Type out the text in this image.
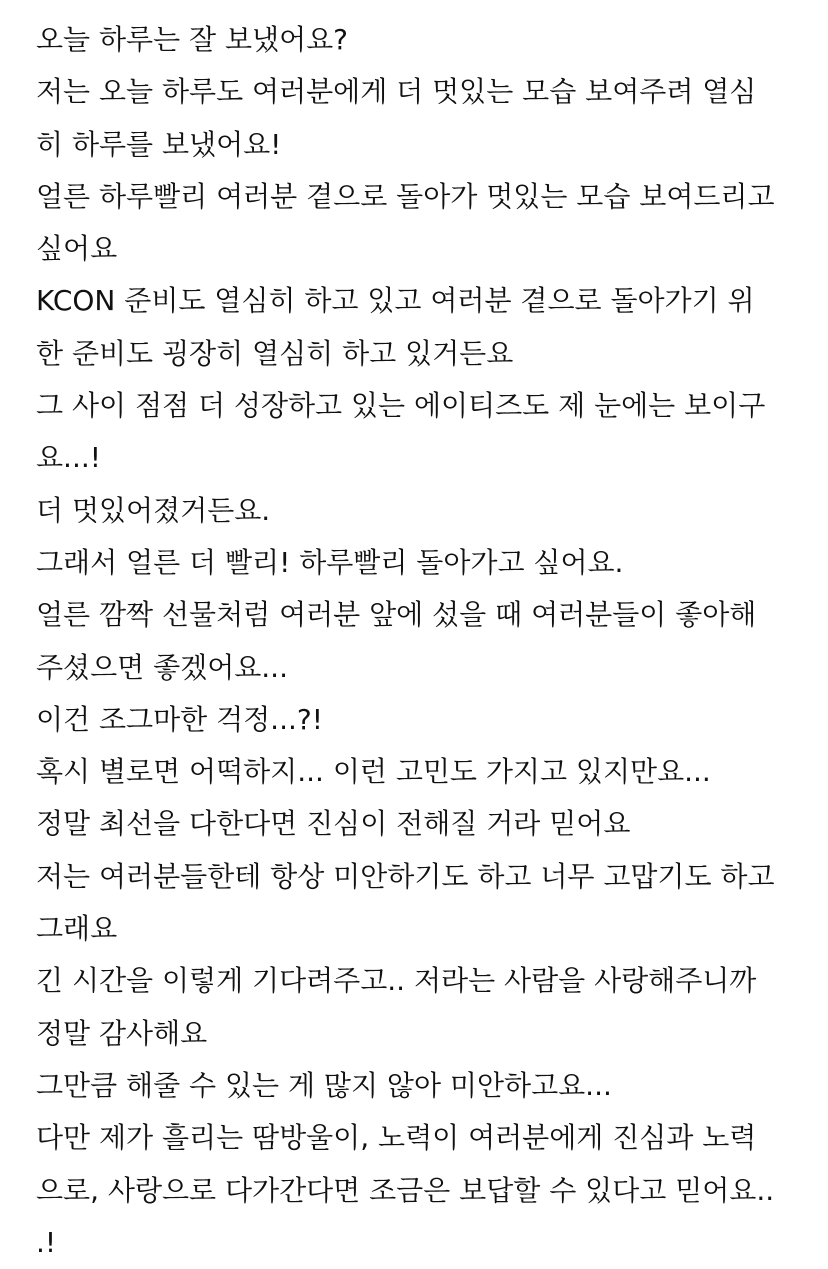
오늘 하루는 잘 보냈어요?
저는 오늘 하루도 여러분에게 더 멋있는 모습 보여주려 열심
히 하루를 보냈어요!
얼른 하루빨리 여러분 곁으로 돌아가 멋있는 모습 보여드리고
싶어요
KCON 준비도 열심히 하고 있고 여러분 곁으로 돌아가기 위
한 준비도 굉장히 열심히 하고 있거든요
그 사이 점점 더 성장하고 있는 에이티즈도 제 눈에는 보이구
요...!
더 멋있어졌거든요.
그래서 얼른 더 빨리! 하루빨리 돌아가고 싶어요.
얼른 깜짝 선물처럼 여러분 앞에 섰을 때 여러분들이 좋아해
주셨으면 좋겠어요...
이건 조그마한 걱정...?!
혹시 별로면 어떡하지... 이런 고민도 가지고 있지만요...
정말 최선을 다한다면 진심이 전해질 거라 믿어요
저는 여러분들한테 항상 미안하기도 하고 너무 고맙기도 하고
그래요
긴 시간을 이렇게 기다려주고.. 저라는 사람을 사랑해주니까
정말 감사해요
그만큼 해줄 수 있는 게 많지 않아 미안하고요...
다만 제가 흘리는 땀방울이, 노력이 여러분에게 진심과 노력
으로, 사랑으로 다가간다면 조금은 보답할 수 있다고 믿어요..
.!
